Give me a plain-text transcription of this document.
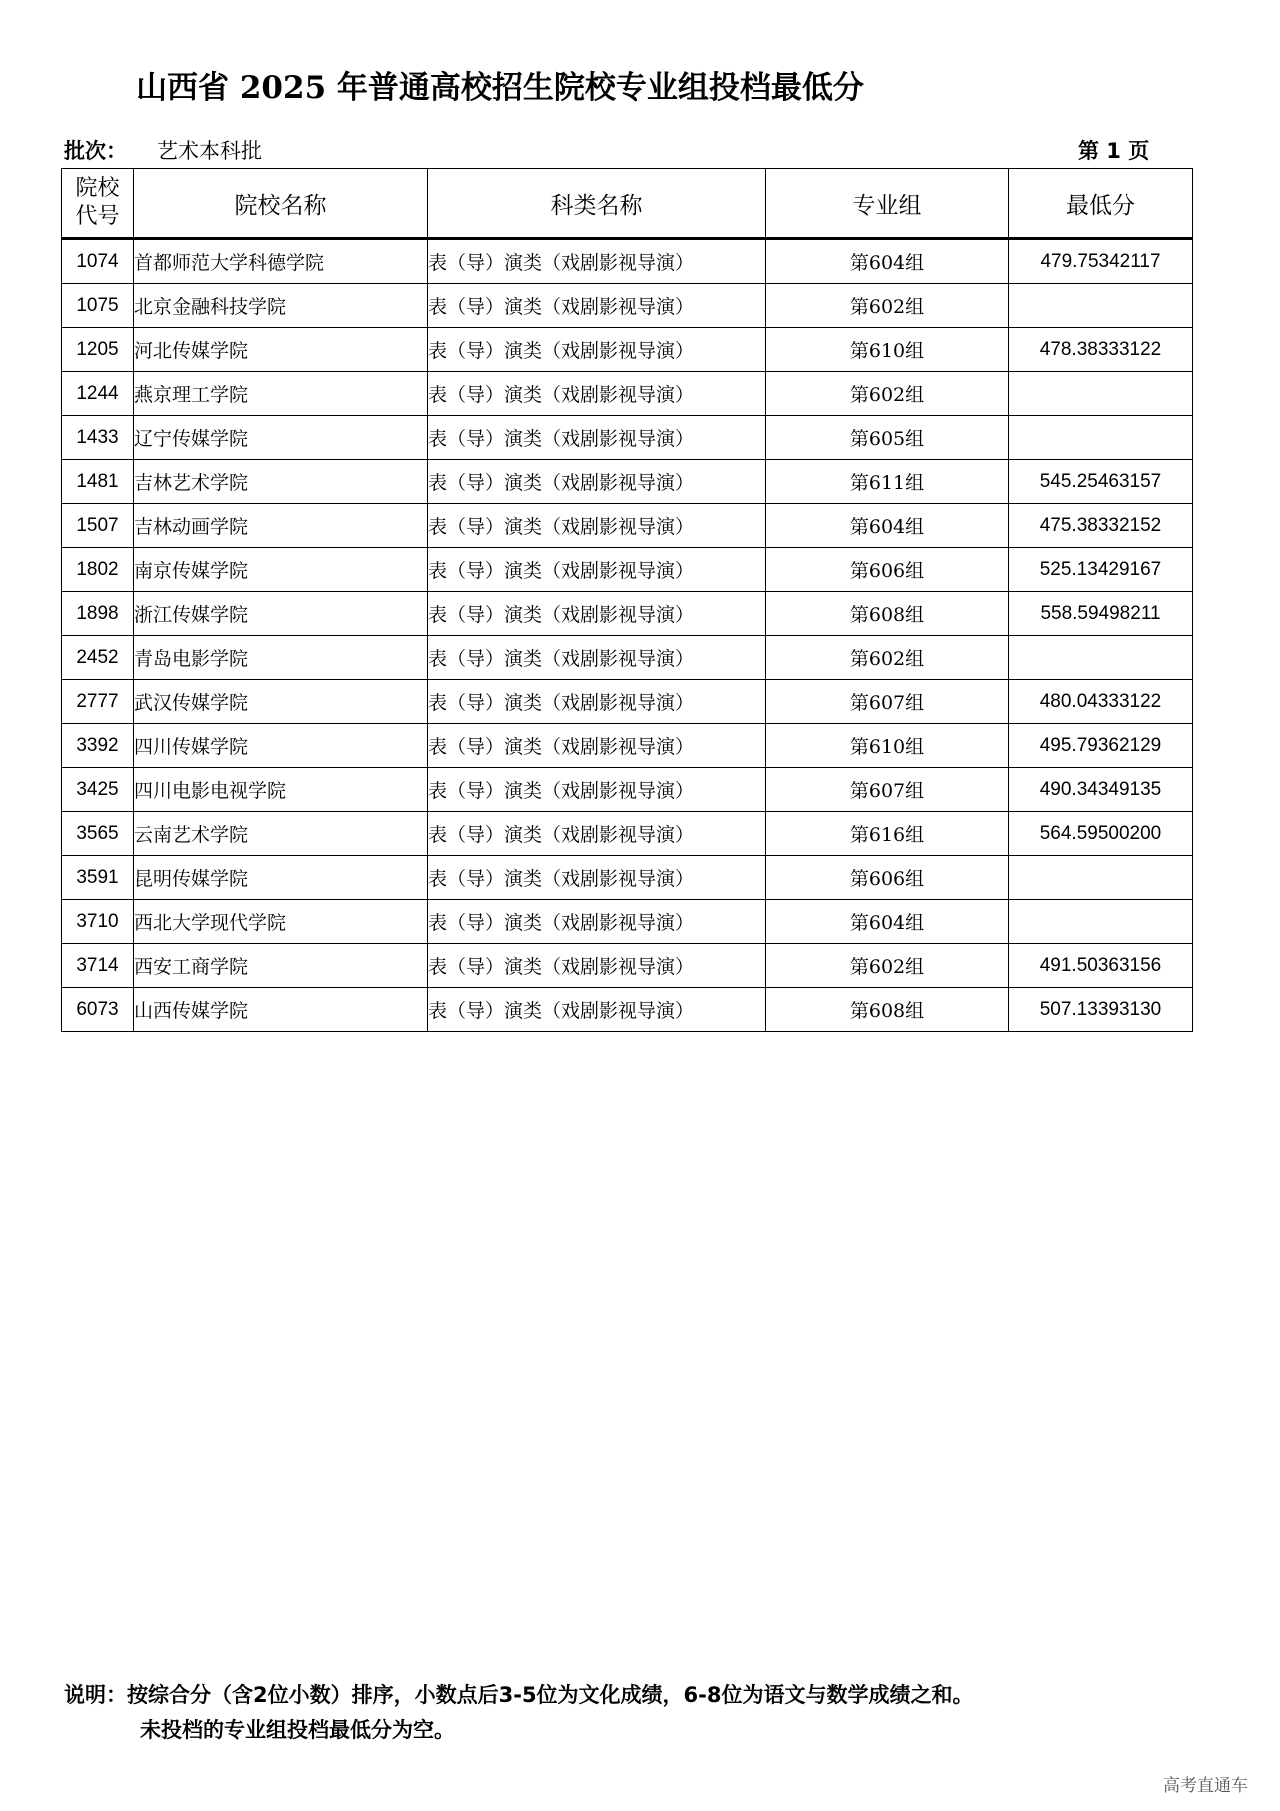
山西省 2025 年普通高校招生院校专业组投档最低分
批次： 艺术本科批	第 1 页
院校
代号	院校名称	科类名称	专业组	最低分
1074	首都师范大学科德学院	表（导）演类（戏剧影视导演）	第604组	479.75342117
1075	北京金融科技学院	表（导）演类（戏剧影视导演）	第602组	
1205	河北传媒学院	表（导）演类（戏剧影视导演）	第610组	478.38333122
1244	燕京理工学院	表（导）演类（戏剧影视导演）	第602组	
1433	辽宁传媒学院	表（导）演类（戏剧影视导演）	第605组	
1481	吉林艺术学院	表（导）演类（戏剧影视导演）	第611组	545.25463157
1507	吉林动画学院	表（导）演类（戏剧影视导演）	第604组	475.38332152
1802	南京传媒学院	表（导）演类（戏剧影视导演）	第606组	525.13429167
1898	浙江传媒学院	表（导）演类（戏剧影视导演）	第608组	558.59498211
2452	青岛电影学院	表（导）演类（戏剧影视导演）	第602组	
2777	武汉传媒学院	表（导）演类（戏剧影视导演）	第607组	480.04333122
3392	四川传媒学院	表（导）演类（戏剧影视导演）	第610组	495.79362129
3425	四川电影电视学院	表（导）演类（戏剧影视导演）	第607组	490.34349135
3565	云南艺术学院	表（导）演类（戏剧影视导演）	第616组	564.59500200
3591	昆明传媒学院	表（导）演类（戏剧影视导演）	第606组	
3710	西北大学现代学院	表（导）演类（戏剧影视导演）	第604组	
3714	西安工商学院	表（导）演类（戏剧影视导演）	第602组	491.50363156
6073	山西传媒学院	表（导）演类（戏剧影视导演）	第608组	507.13393130
说明：按综合分（含2位小数）排序，小数点后3-5位为文化成绩，6-8位为语文与数学成绩之和。
未投档的专业组投档最低分为空。
高考直通车
